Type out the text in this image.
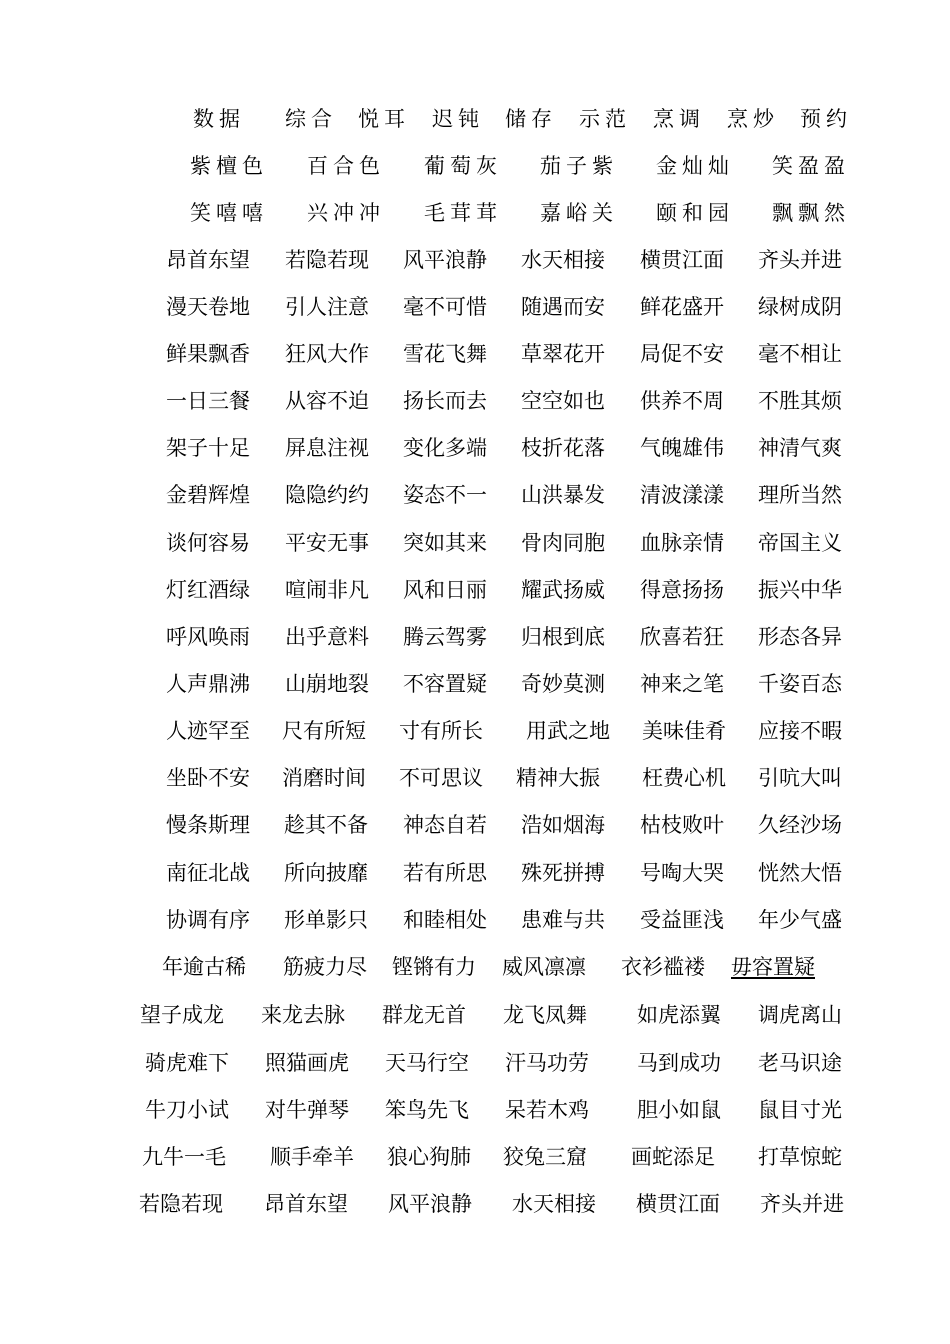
数据 综合 悦耳 迟钝 储存 示范 烹调 烹炒 预约
紫檀色 百合色 葡萄灰 茄子紫 金灿灿 笑盈盈
笑嘻嘻 兴冲冲 毛茸茸 嘉峪关 颐和园 飘飘然
昂首东望 若隐若现 风平浪静 水天相接 横贯江面 齐头并进
漫天卷地 引人注意 毫不可惜 随遇而安 鲜花盛开 绿树成阴
鲜果飘香 狂风大作 雪花飞舞 草翠花开 局促不安 毫不相让
一日三餐 从容不迫 扬长而去 空空如也 供养不周 不胜其烦
架子十足 屏息注视 变化多端 枝折花落 气魄雄伟 神清气爽
金碧辉煌 隐隐约约 姿态不一 山洪暴发 清波漾漾 理所当然
谈何容易 平安无事 突如其来 骨肉同胞 血脉亲情 帝国主义
灯红酒绿 喧闹非凡 风和日丽 耀武扬威 得意扬扬 振兴中华
呼风唤雨 出乎意料 腾云驾雾 归根到底 欣喜若狂 形态各异
人声鼎沸 山崩地裂 不容置疑 奇妙莫测 神来之笔 千姿百态
人迹罕至 尺有所短 寸有所长 用武之地 美味佳肴 应接不暇
坐卧不安 消磨时间 不可思议 精神大振 枉费心机 引吭大叫
慢条斯理 趁其不备 神态自若 浩如烟海 枯枝败叶 久经沙场
南征北战 所向披靡 若有所思 殊死拼搏 号啕大哭 恍然大悟
协调有序 形单影只 和睦相处 患难与共 受益匪浅 年少气盛
年逾古稀 筋疲力尽 铿锵有力 威风凛凛 衣衫褴褛 毋容置疑
望子成龙 来龙去脉 群龙无首 龙飞凤舞 如虎添翼 调虎离山
骑虎难下 照猫画虎 天马行空 汗马功劳 马到成功 老马识途
牛刀小试 对牛弹琴 笨鸟先飞 呆若木鸡 胆小如鼠 鼠目寸光
九牛一毛 顺手牵羊 狼心狗肺 狡兔三窟 画蛇添足 打草惊蛇
若隐若现 昂首东望 风平浪静 水天相接 横贯江面 齐头并进
